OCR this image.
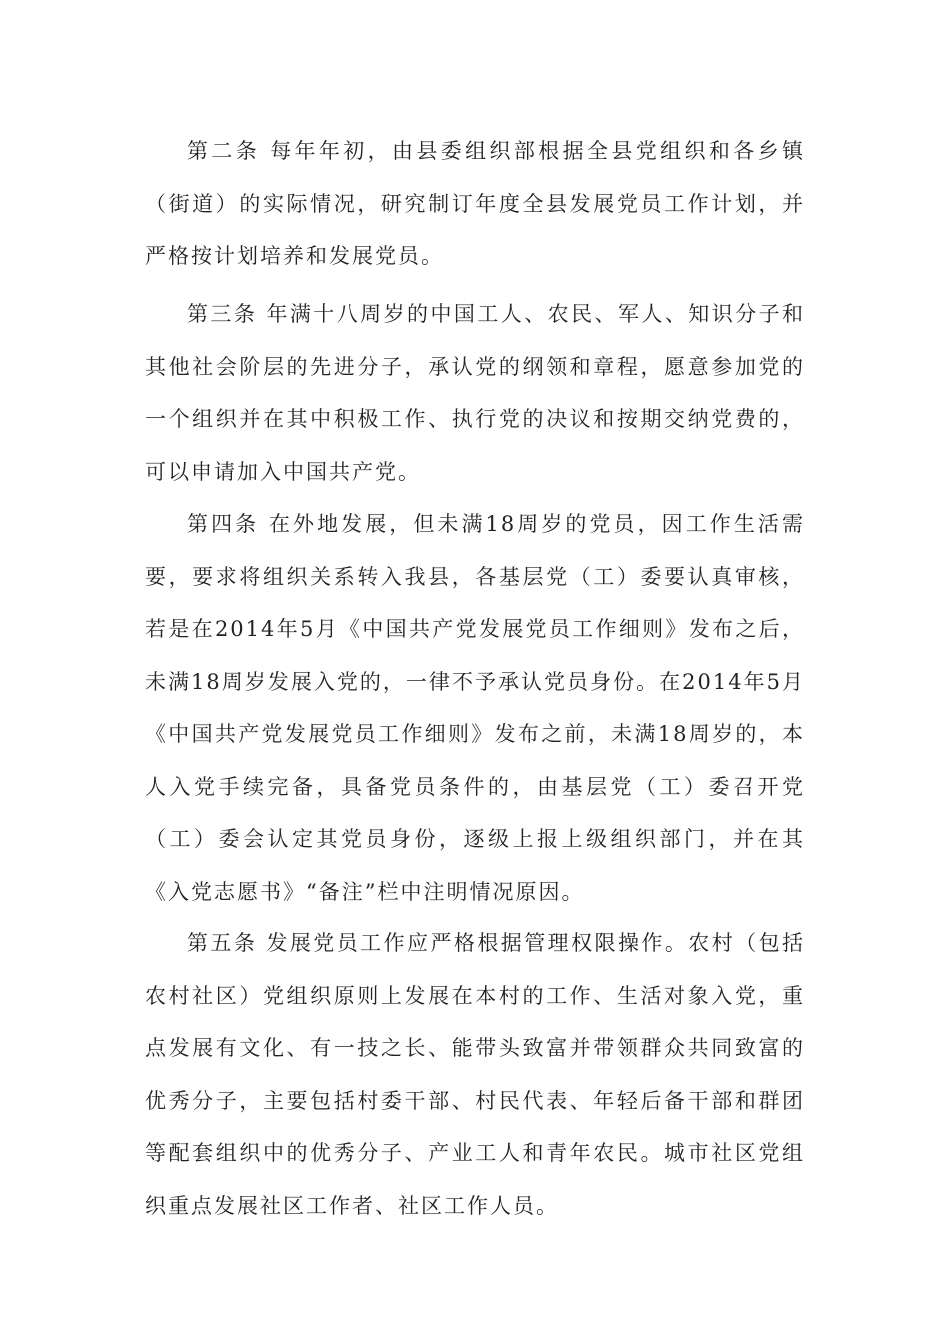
第二条 每年年初，由县委组织部根据全县党组织和各乡镇（街道）的实际情况，研究制订年度全县发展党员工作计划，并严格按计划培养和发展党员。

第三条 年满十八周岁的中国工人、农民、军人、知识分子和其他社会阶层的先进分子，承认党的纲领和章程，愿意参加党的一个组织并在其中积极工作、执行党的决议和按期交纳党费的，可以申请加入中国共产党。

第四条 在外地发展，但未满18周岁的党员，因工作生活需要，要求将组织关系转入我县，各基层党（工）委要认真审核，若是在2014年5月《中国共产党发展党员工作细则》发布之后，未满18周岁发展入党的，一律不予承认党员身份。在2014年5月《中国共产党发展党员工作细则》发布之前，未满18周岁的，本人入党手续完备，具备党员条件的，由基层党（工）委召开党（工）委会认定其党员身份，逐级上报上级组织部门，并在其《入党志愿书》“备注”栏中注明情况原因。

第五条 发展党员工作应严格根据管理权限操作。农村（包括农村社区）党组织原则上发展在本村的工作、生活对象入党，重点发展有文化、有一技之长、能带头致富并带领群众共同致富的优秀分子，主要包括村委干部、村民代表、年轻后备干部和群团等配套组织中的优秀分子、产业工人和青年农民。城市社区党组织重点发展社区工作者、社区工作人员。
